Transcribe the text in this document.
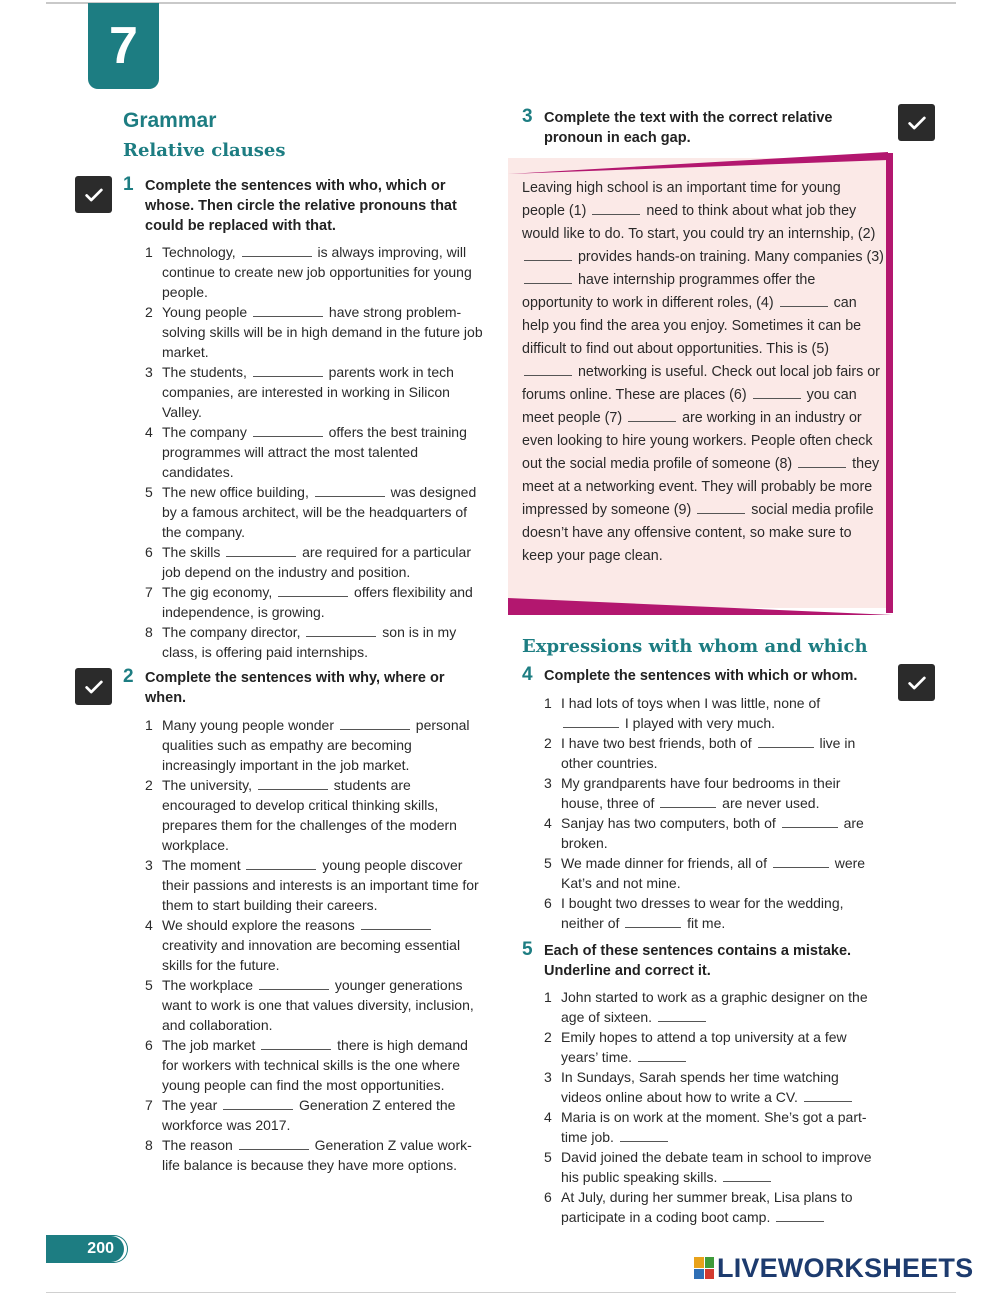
7
Grammar
Relative clauses
1 Complete the sentences with who, which or whose. Then circle the relative pronouns that could be replaced with that.
1 Technology,	is always improving, will continue to create new job opportunities for young people.
2 Young people	have strong problem-solving skills will be in high demand in the future job market.
3 The students,	parents work in tech companies, are interested in working in Silicon Valley.
4 The company	offers the best training programmes will attract the most talented candidates.
5 The new office building,	was designed by a famous architect, will be the headquarters of the company.
6 The skills	are required for a particular job depend on the industry and position.
7 The gig economy,	offers flexibility and independence, is growing.
8 The company director,	son is in my class, is offering paid internships.
2 Complete the sentences with why, where or when.
1 Many young people wonder	personal qualities such as empathy are becoming increasingly important in the job market.
2 The university,	students are encouraged to develop critical thinking skills, prepares them for the challenges of the modern workplace.
3 The moment	young people discover their passions and interests is an important time for them to start building their careers.
4 We should explore the reasons  creativity and innovation are becoming essential skills for the future.
5 The workplace	younger generations want to work is one that values diversity, inclusion, and collaboration.
6 The job market	there is high demand for workers with technical skills is the one where young people can find the most opportunities.
7 The year	Generation Z entered the workforce was 2017.
8 The reason	Generation Z value work-life balance is because they have more options.
3 Complete the text with the correct relative pronoun in each gap.
Leaving high school is an important time for young people (1)	need to think about what job they would like to do. To start, you could try an internship, (2)  provides hands-on training. Many companies (3)  have internship programmes offer the opportunity to work in different roles, (4)	can help you find the area you enjoy. Sometimes it can be difficult to find out about opportunities. This is (5)  networking is useful. Check out local job fairs or forums online. These are places (6)	you can meet people (7)	are working in an industry or even looking to hire young workers. People often check out the social media profile of someone (8)	they meet at a networking event. They will probably be more impressed by someone (9)	social media profile doesn’t have any offensive content, so make sure to keep your page clean.
Expressions with whom and which
4 Complete the sentences with which or whom.
1 I had lots of toys when I was little, none of  I played with very much.
2 I have two best friends, both of	live in other countries.
3 My grandparents have four bedrooms in their house, three of	are never used.
4 Sanjay has two computers, both of	are broken.
5 We made dinner for friends, all of	were Kat’s and not mine.
6 I bought two dresses to wear for the wedding, neither of	fit me.
5 Each of these sentences contains a mistake. Underline and correct it.
1 John started to work as a graphic designer on the age of sixteen.
2 Emily hopes to attend a top university at a few years’ time.
3 In Sundays, Sarah spends her time watching videos online about how to write a CV.
4 Maria is on work at the moment. She’s got a part-time job.
5 David joined the debate team in school to improve his public speaking skills.
6 At July, during her summer break, Lisa plans to participate in a coding boot camp.
200
LIVEWORKSHEETS
